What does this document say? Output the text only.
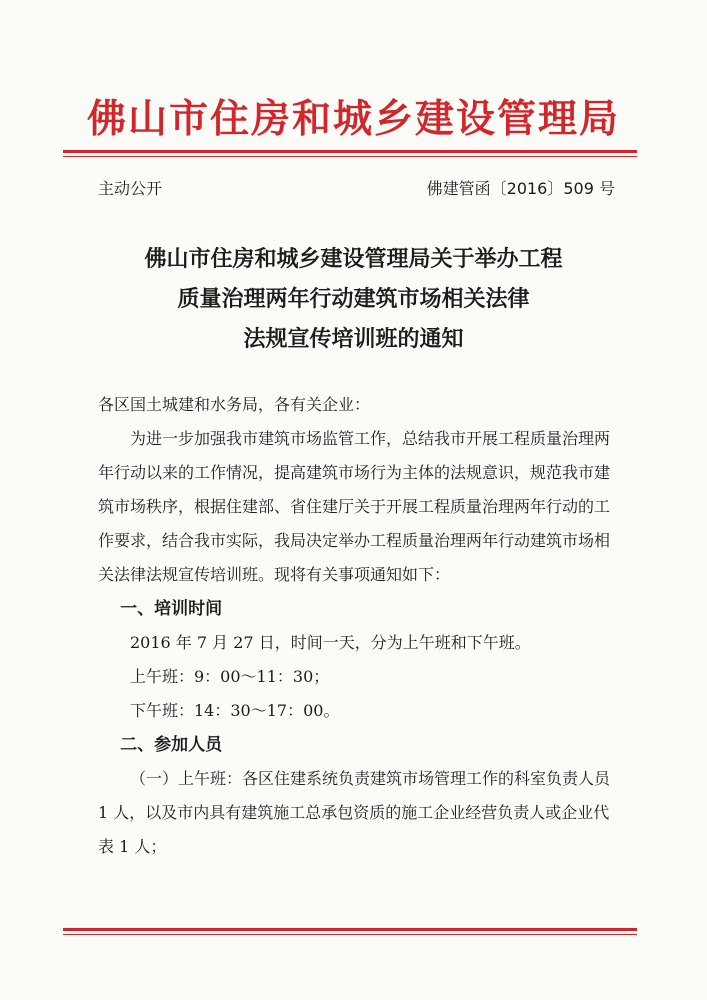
佛山市住房和城乡建设管理局
主动公开	佛建管函〔2016〕509 号
佛山市住房和城乡建设管理局关于举办工程
质量治理两年行动建筑市场相关法律
法规宣传培训班的通知

各区国土城建和水务局，各有关企业：

为进一步加强我市建筑市场监管工作，总结我市开展工程质量治理两年行动以来的工作情况，提高建筑市场行为主体的法规意识，规范我市建筑市场秩序，根据住建部、省住建厅关于开展工程质量治理两年行动的工作要求，结合我市实际，我局决定举办工程质量治理两年行动建筑市场相关法律法规宣传培训班。现将有关事项通知如下：

一、培训时间

2016 年 7 月 27 日，时间一天，分为上午班和下午班。

上午班：9：00～11：30；

下午班：14：30～17：00。

二、参加人员

（一）上午班：各区住建系统负责建筑市场管理工作的科室负责人员 1 人，以及市内具有建筑施工总承包资质的施工企业经营负责人或企业代表 1 人；
